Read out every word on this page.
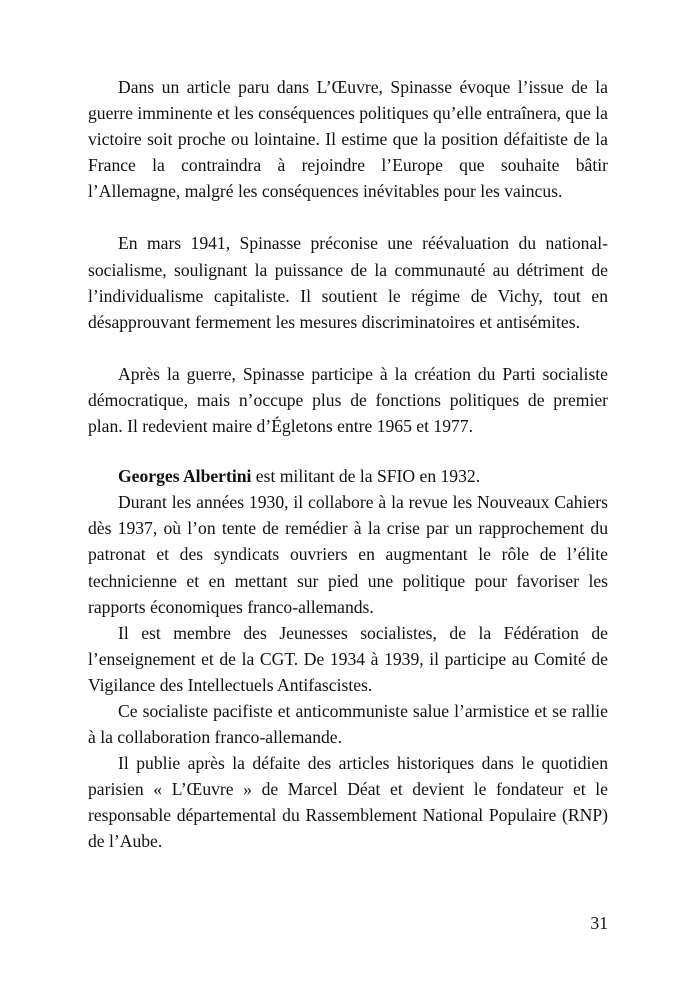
Dans un article paru dans L’Œuvre, Spinasse évoque l’issue de la guerre imminente et les conséquences politiques qu’elle entraînera, que la victoire soit proche ou lointaine. Il estime que la position défaitiste de la France la contraindra à rejoindre l’Europe que souhaite bâtir l’Allemagne, malgré les conséquences inévitables pour les vaincus.

En mars 1941, Spinasse préconise une réévaluation du national-socialisme, soulignant la puissance de la communauté au détriment de l’individualisme capitaliste. Il soutient le régime de Vichy, tout en désapprouvant fermement les mesures discriminatoires et antisémites.

Après la guerre, Spinasse participe à la création du Parti socialiste démocratique, mais n’occupe plus de fonctions politiques de premier plan. Il redevient maire d’Égletons entre 1965 et 1977.

Georges Albertini est militant de la SFIO en 1932.

Durant les années 1930, il collabore à la revue les Nouveaux Cahiers dès 1937, où l’on tente de remédier à la crise par un rapprochement du patronat et des syndicats ouvriers en augmentant le rôle de l’élite technicienne et en mettant sur pied une politique pour favoriser les rapports économiques franco-allemands.

Il est membre des Jeunesses socialistes, de la Fédération de l’enseignement et de la CGT. De 1934 à 1939, il participe au Comité de Vigilance des Intellectuels Antifascistes.

Ce socialiste pacifiste et anticommuniste salue l’armistice et se rallie à la collaboration franco-allemande.

Il publie après la défaite des articles historiques dans le quotidien parisien « L’Œuvre » de Marcel Déat et devient le fondateur et le responsable départemental du Rassemblement National Populaire (RNP) de l’Aube.

31
